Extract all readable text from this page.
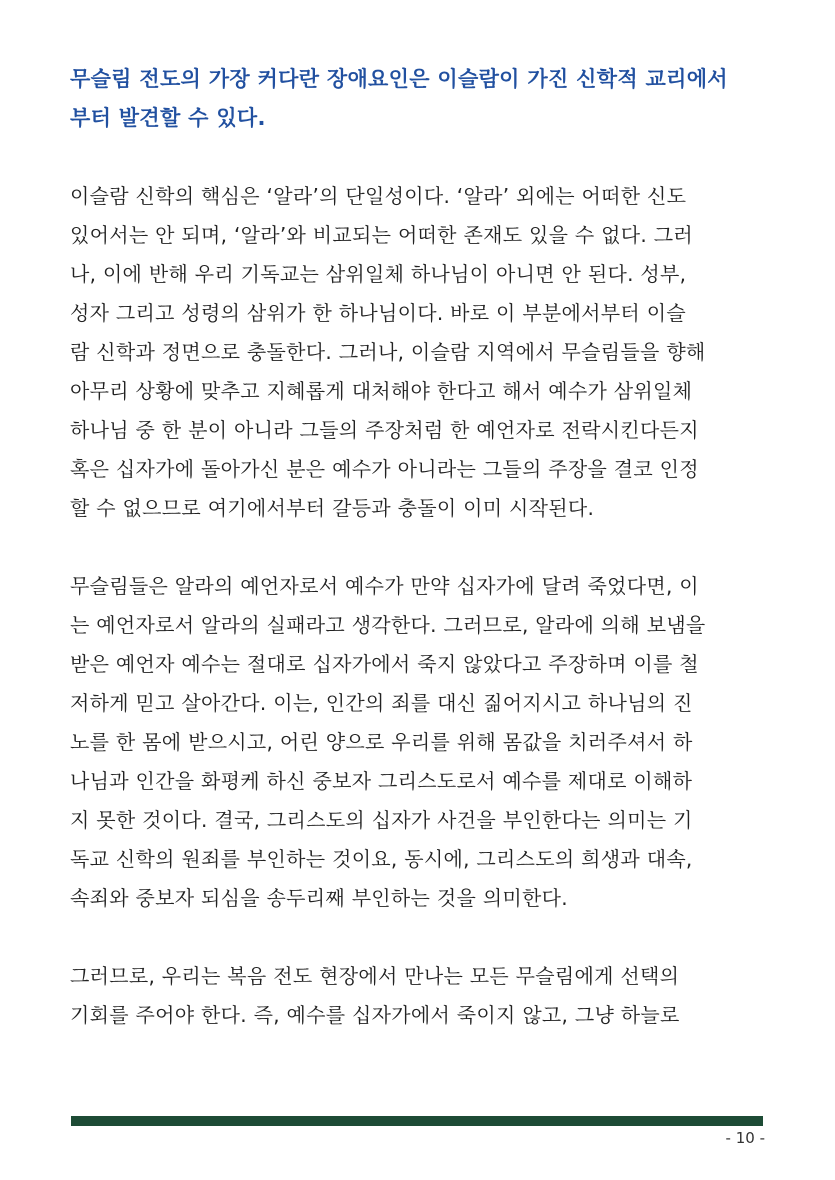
무슬림 전도의 가장 커다란 장애요인은 이슬람이 가진 신학적 교리에서
부터 발견할 수 있다.
이슬람 신학의 핵심은 ‘알라’의 단일성이다. ‘알라’ 외에는 어떠한 신도
있어서는 안 되며, ‘알라’와 비교되는 어떠한 존재도 있을 수 없다. 그러
나, 이에 반해 우리 기독교는 삼위일체 하나님이 아니면 안 된다. 성부,
성자 그리고 성령의 삼위가 한 하나님이다. 바로 이 부분에서부터 이슬
람 신학과 정면으로 충돌한다. 그러나, 이슬람 지역에서 무슬림들을 향해
아무리 상황에 맞추고 지혜롭게 대처해야 한다고 해서 예수가 삼위일체
하나님 중 한 분이 아니라 그들의 주장처럼 한 예언자로 전락시킨다든지
혹은 십자가에 돌아가신 분은 예수가 아니라는 그들의 주장을 결코 인정
할 수 없으므로 여기에서부터 갈등과 충돌이 이미 시작된다.
무슬림들은 알라의 예언자로서 예수가 만약 십자가에 달려 죽었다면, 이
는 예언자로서 알라의 실패라고 생각한다. 그러므로, 알라에 의해 보냄을
받은 예언자 예수는 절대로 십자가에서 죽지 않았다고 주장하며 이를 철
저하게 믿고 살아간다. 이는, 인간의 죄를 대신 짊어지시고 하나님의 진
노를 한 몸에 받으시고, 어린 양으로 우리를 위해 몸값을 치러주셔서 하
나님과 인간을 화평케 하신 중보자 그리스도로서 예수를 제대로 이해하
지 못한 것이다. 결국, 그리스도의 십자가 사건을 부인한다는 의미는 기
독교 신학의 원죄를 부인하는 것이요, 동시에, 그리스도의 희생과 대속,
속죄와 중보자 되심을 송두리째 부인하는 것을 의미한다.
그러므로, 우리는 복음 전도 현장에서 만나는 모든 무슬림에게 선택의
기회를 주어야 한다. 즉, 예수를 십자가에서 죽이지 않고, 그냥 하늘로
- 10 -
